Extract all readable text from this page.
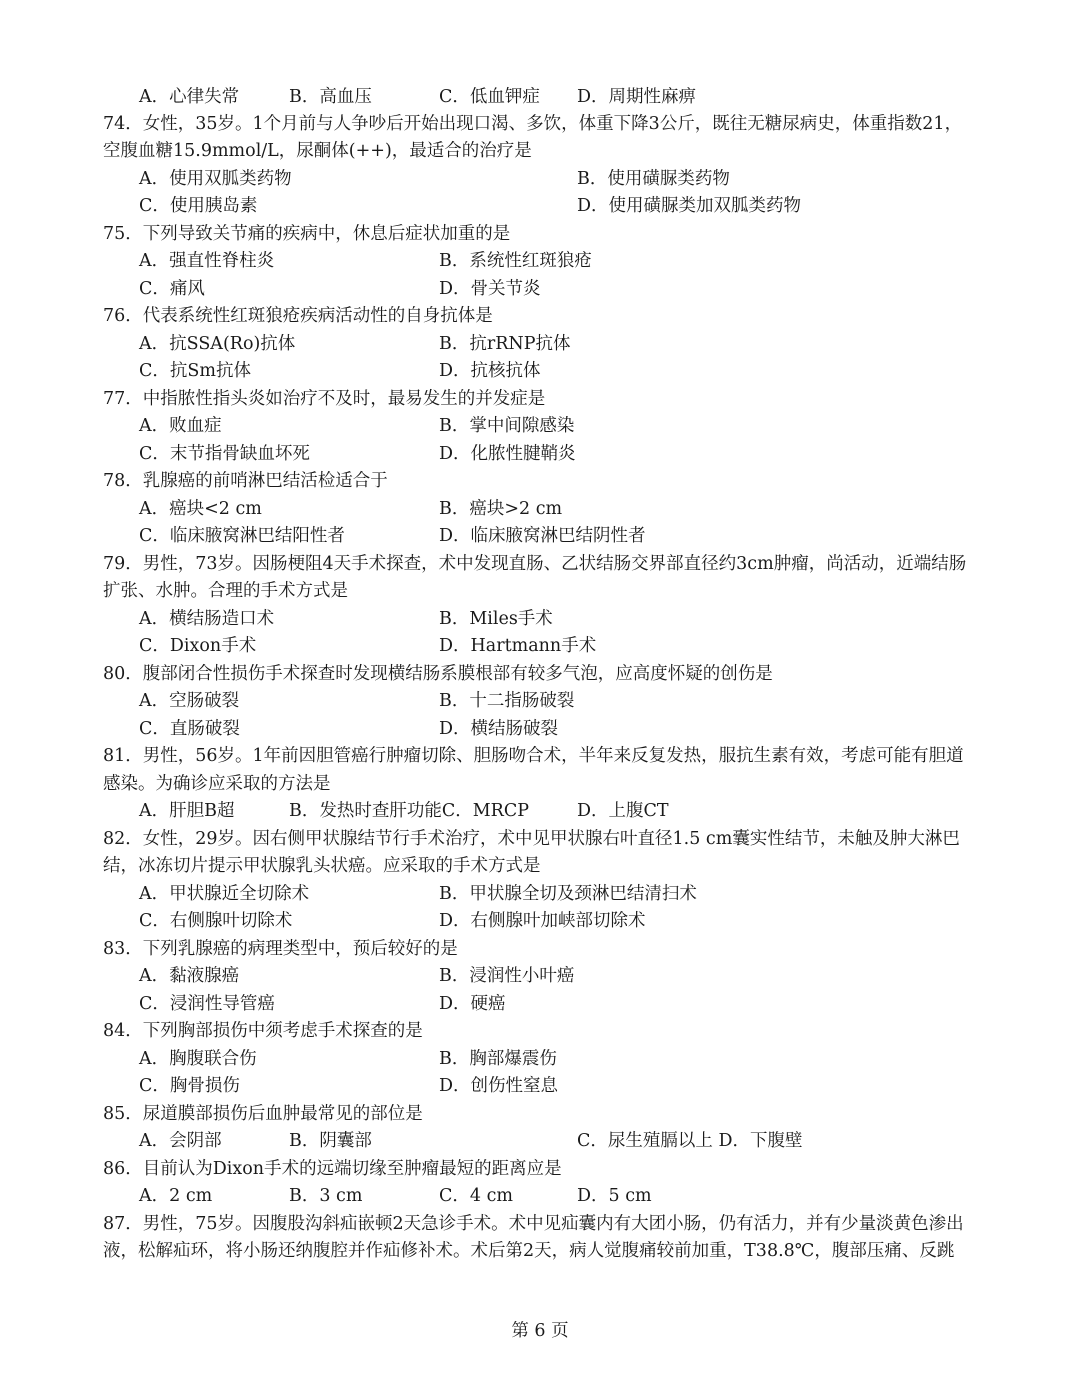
A．心律失常	B．高血压	C．低血钾症 D．周期性麻痹
74．女性，35岁。1个月前与人争吵后开始出现口渴、多饮，体重下降3公斤，既往无糖尿病史，体重指数21，
空腹血糖15.9mmol/L，尿酮体(++)，最适合的治疗是
A．使用双胍类药物	B．使用磺脲类药物
C．使用胰岛素	D．使用磺脲类加双胍类药物
75．下列导致关节痛的疾病中，休息后症状加重的是
A．强直性脊柱炎	B．系统性红斑狼疮
C．痛风	D．骨关节炎
76．代表系统性红斑狼疮疾病活动性的自身抗体是
A．抗SSA(Ro)抗体	B．抗rRNP抗体
C．抗Sm抗体	D．抗核抗体
77．中指脓性指头炎如治疗不及时，最易发生的并发症是
A．败血症	B．掌中间隙感染
C．末节指骨缺血坏死	D．化脓性腱鞘炎
78．乳腺癌的前哨淋巴结活检适合于
A．癌块<2 cm	B．癌块>2 cm
C．临床腋窝淋巴结阳性者	D．临床腋窝淋巴结阴性者
79．男性，73岁。因肠梗阻4天手术探查，术中发现直肠、乙状结肠交界部直径约3cm肿瘤，尚活动，近端结肠
扩张、水肿。合理的手术方式是
A．横结肠造口术	B．Miles手术
C．Dixon手术	D．Hartmann手术
80．腹部闭合性损伤手术探查时发现横结肠系膜根部有较多气泡，应高度怀疑的创伤是
A．空肠破裂	B．十二指肠破裂
C．直肠破裂	D．横结肠破裂
81．男性，56岁。1年前因胆管癌行肿瘤切除、胆肠吻合术，半年来反复发热，服抗生素有效，考虑可能有胆道
感染。为确诊应采取的方法是
A．肝胆B超	B．发热时查肝功能C．MRCP	D．上腹CT
82．女性，29岁。因右侧甲状腺结节行手术治疗，术中见甲状腺右叶直径1.5 cm囊实性结节，未触及肿大淋巴
结，冰冻切片提示甲状腺乳头状癌。应采取的手术方式是
A．甲状腺近全切除术	B．甲状腺全切及颈淋巴结清扫术
C．右侧腺叶切除术	D．右侧腺叶加峡部切除术
83．下列乳腺癌的病理类型中，预后较好的是
A．黏液腺癌	B．浸润性小叶癌
C．浸润性导管癌	D．硬癌
84．下列胸部损伤中须考虑手术探查的是
A．胸腹联合伤	B．胸部爆震伤
C．胸骨损伤	D．创伤性窒息
85．尿道膜部损伤后血肿最常见的部位是
A．会阴部	B．阴囊部	C．尿生殖膈以上 D．下腹壁
86．目前认为Dixon手术的远端切缘至肿瘤最短的距离应是
A．2 cm	B．3 cm	C．4 cm	D．5 cm
87．男性，75岁。因腹股沟斜疝嵌顿2天急诊手术。术中见疝囊内有大团小肠，仍有活力，并有少量淡黄色渗出
液，松解疝环，将小肠还纳腹腔并作疝修补术。术后第2天，病人觉腹痛较前加重，T38.8℃，腹部压痛、反跳
第 6 页
